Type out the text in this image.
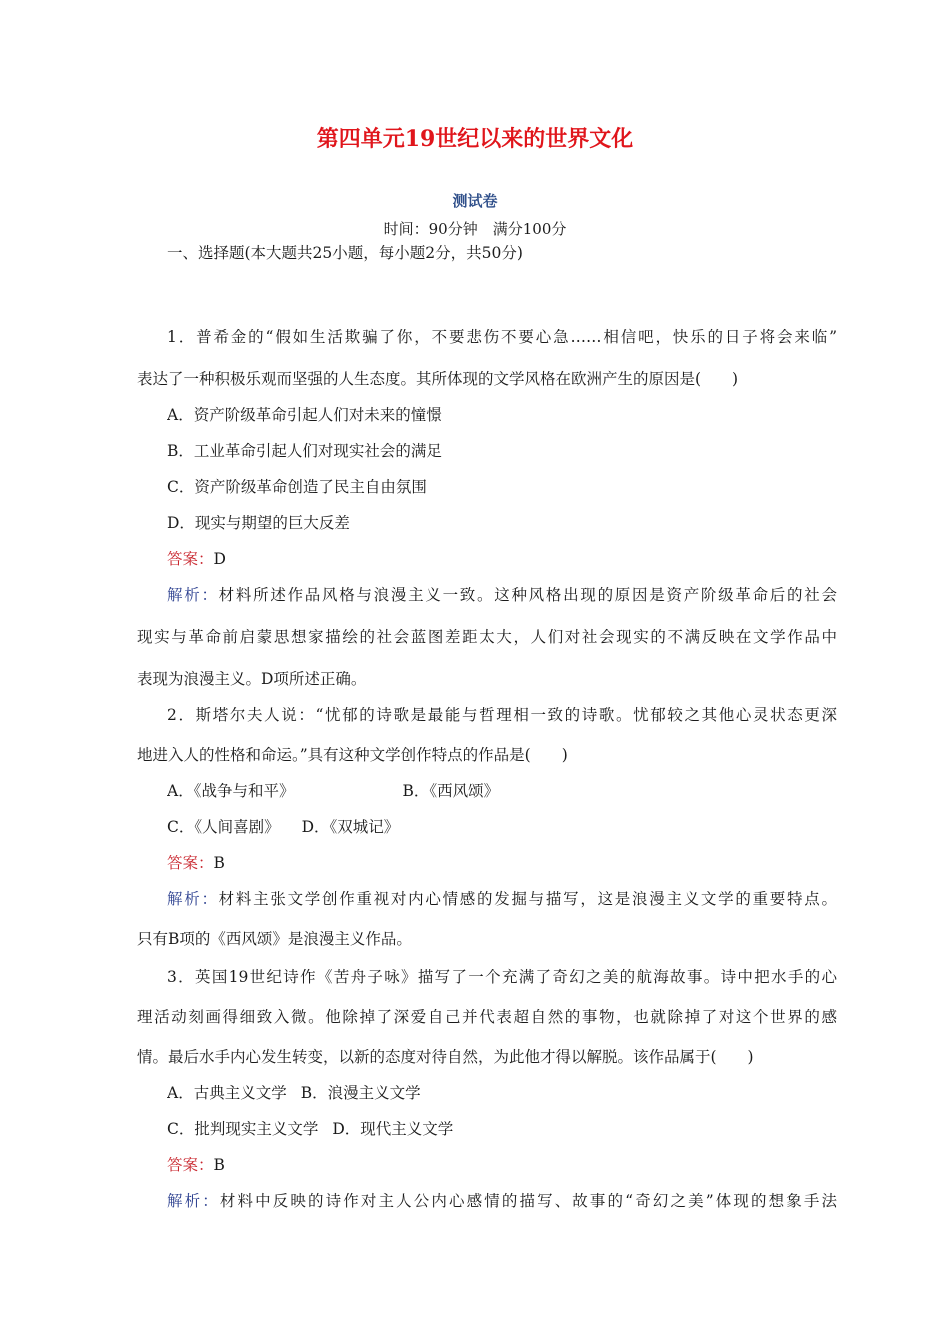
第四单元19世纪以来的世界文化
测试卷
时间：90分钟　满分100分
一、选择题(本大题共25小题，每小题2分，共50分)
1．普希金的“假如生活欺骗了你，不要悲伤不要心急……相信吧，快乐的日子将会来临”
表达了一种积极乐观而坚强的人生态度。其所体现的文学风格在欧洲产生的原因是(　　)
A．资产阶级革命引起人们对未来的憧憬
B．工业革命引起人们对现实社会的满足
C．资产阶级革命创造了民主自由氛围
D．现实与期望的巨大反差
答案：D
解析：材料所述作品风格与浪漫主义一致。这种风格出现的原因是资产阶级革命后的社会
现实与革命前启蒙思想家描绘的社会蓝图差距太大，人们对社会现实的不满反映在文学作品中
表现为浪漫主义。D项所述正确。
2．斯塔尔夫人说：“忧郁的诗歌是最能与哲理相一致的诗歌。忧郁较之其他心灵状态更深
地进入人的性格和命运。”具有这种文学创作特点的作品是(　　)
A．《战争与和平》	B．《西风颂》
C．《人间喜剧》 D．《双城记》
答案：B
解析：材料主张文学创作重视对内心情感的发掘与描写，这是浪漫主义文学的重要特点。
只有B项的《西风颂》是浪漫主义作品。
3．英国19世纪诗作《苦舟子咏》描写了一个充满了奇幻之美的航海故事。诗中把水手的心
理活动刻画得细致入微。他除掉了深爱自己并代表超自然的事物，也就除掉了对这个世界的感
情。最后水手内心发生转变，以新的态度对待自然，为此他才得以解脱。该作品属于(　　)
A．古典主义文学 B．浪漫主义文学
C．批判现实主义文学 D．现代主义文学
答案：B
解析：材料中反映的诗作对主人公内心感情的描写、故事的“奇幻之美”体现的想象手法
